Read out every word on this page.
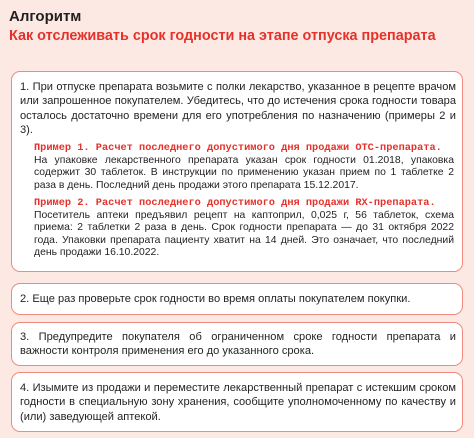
Алгоритм
Как отслеживать срок годности на этапе отпуска препарата
1. При отпуске препарата возьмите с полки лекарство, указанное в рецепте врачом или запрошенное покупателем. Убедитесь, что до истечения срока годности товара осталось достаточно времени для его употребления по назначению (примеры 2 и 3).
Пример 1. Расчет последнего допустимого дня продажи ОТС-препарата.
На упаковке лекарственного препарата указан срок годности 01.2018, упаковка содержит 30 таблеток. В инструкции по применению указан прием по 1 таблетке 2 раза в день. Последний день продажи этого препарата 15.12.2017.
Пример 2. Расчет последнего допустимого дня продажи RX-препарата.
Посетитель аптеки предъявил рецепт на каптоприл, 0,025 г, 56 таблеток, схема приема: 2 таблетки 2 раза в день. Срок годности препарата — до 31 октября 2022 года. Упаковки препарата пациенту хватит на 14 дней. Это означает, что последний день продажи 16.10.2022.
2. Еще раз проверьте срок годности во время оплаты покупателем покупки.
3. Предупредите покупателя об ограниченном сроке годности препарата и важности контроля применения его до указанного срока.
4. Изымите из продажи и переместите лекарственный препарат с истекшим сроком годности в специальную зону хранения, сообщите уполномоченному по качеству и (или) заведующей аптекой.
